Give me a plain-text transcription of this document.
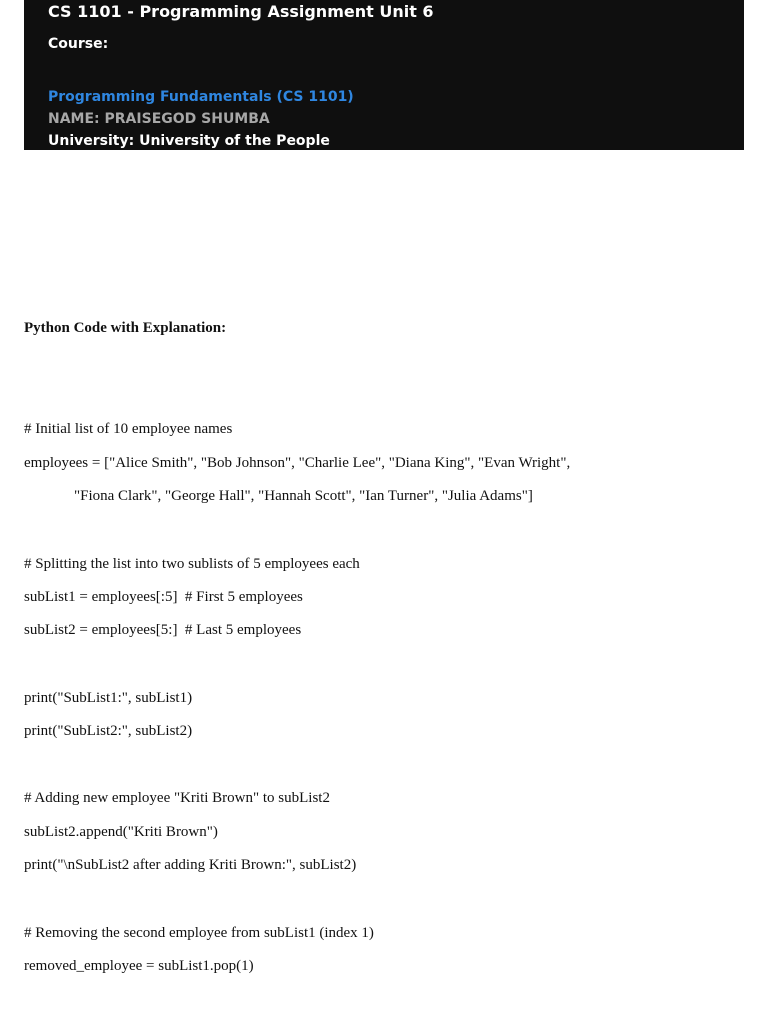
CS 1101 - Programming Assignment Unit 6
Course:
Programming Fundamentals (CS 1101)
NAME: PRAISEGOD SHUMBA
University: University of the People
Python Code with Explanation:
# Initial list of 10 employee names
employees = ["Alice Smith", "Bob Johnson", "Charlie Lee", "Diana King", "Evan Wright",
"Fiona Clark", "George Hall", "Hannah Scott", "Ian Turner", "Julia Adams"]
# Splitting the list into two sublists of 5 employees each
subList1 = employees[:5]  # First 5 employees
subList2 = employees[5:]  # Last 5 employees
print("SubList1:", subList1)
print("SubList2:", subList2)
# Adding new employee "Kriti Brown" to subList2
subList2.append("Kriti Brown")
print("\nSubList2 after adding Kriti Brown:", subList2)
# Removing the second employee from subList1 (index 1)
removed_employee = subList1.pop(1)
